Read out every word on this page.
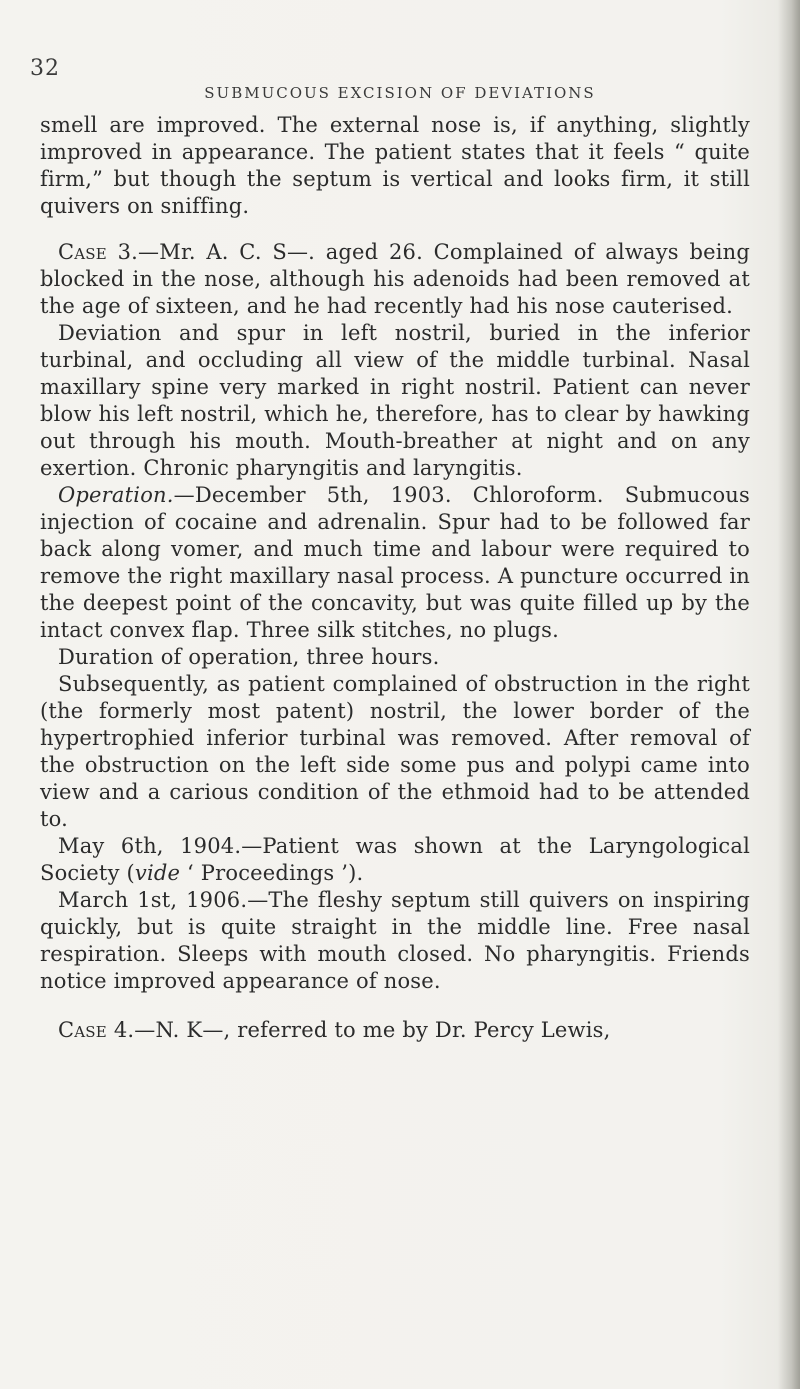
32
SUBMUCOUS EXCISION OF DEVIATIONS

smell are improved. The external nose is, if anything, slightly improved in appearance. The patient states that it feels “ quite firm,” but though the septum is vertical and looks firm, it still quivers on sniffing.

Case 3.—Mr. A. C. S—. aged 26. Complained of always being blocked in the nose, although his adenoids had been removed at the age of sixteen, and he had recently had his nose cauterised.

Deviation and spur in left nostril, buried in the inferior turbinal, and occluding all view of the middle turbinal. Nasal maxillary spine very marked in right nostril. Patient can never blow his left nostril, which he, therefore, has to clear by hawking out through his mouth. Mouth-breather at night and on any exertion. Chronic pharyngitis and laryngitis.

Operation.—December 5th, 1903. Chloroform. Submucous injection of cocaine and adrenalin. Spur had to be followed far back along vomer, and much time and labour were required to remove the right maxillary nasal process. A puncture occurred in the deepest point of the concavity, but was quite filled up by the intact convex flap. Three silk stitches, no plugs.

Duration of operation, three hours.

Subsequently, as patient complained of obstruction in the right (the formerly most patent) nostril, the lower border of the hypertrophied inferior turbinal was removed. After removal of the obstruction on the left side some pus and polypi came into view and a carious condition of the ethmoid had to be attended to.

May 6th, 1904.—Patient was shown at the Laryngological Society (vide ‘ Proceedings ’).

March 1st, 1906.—The fleshy septum still quivers on inspiring quickly, but is quite straight in the middle line. Free nasal respiration. Sleeps with mouth closed. No pharyngitis. Friends notice improved appearance of nose.

Case 4.—N. K—, referred to me by Dr. Percy Lewis,
